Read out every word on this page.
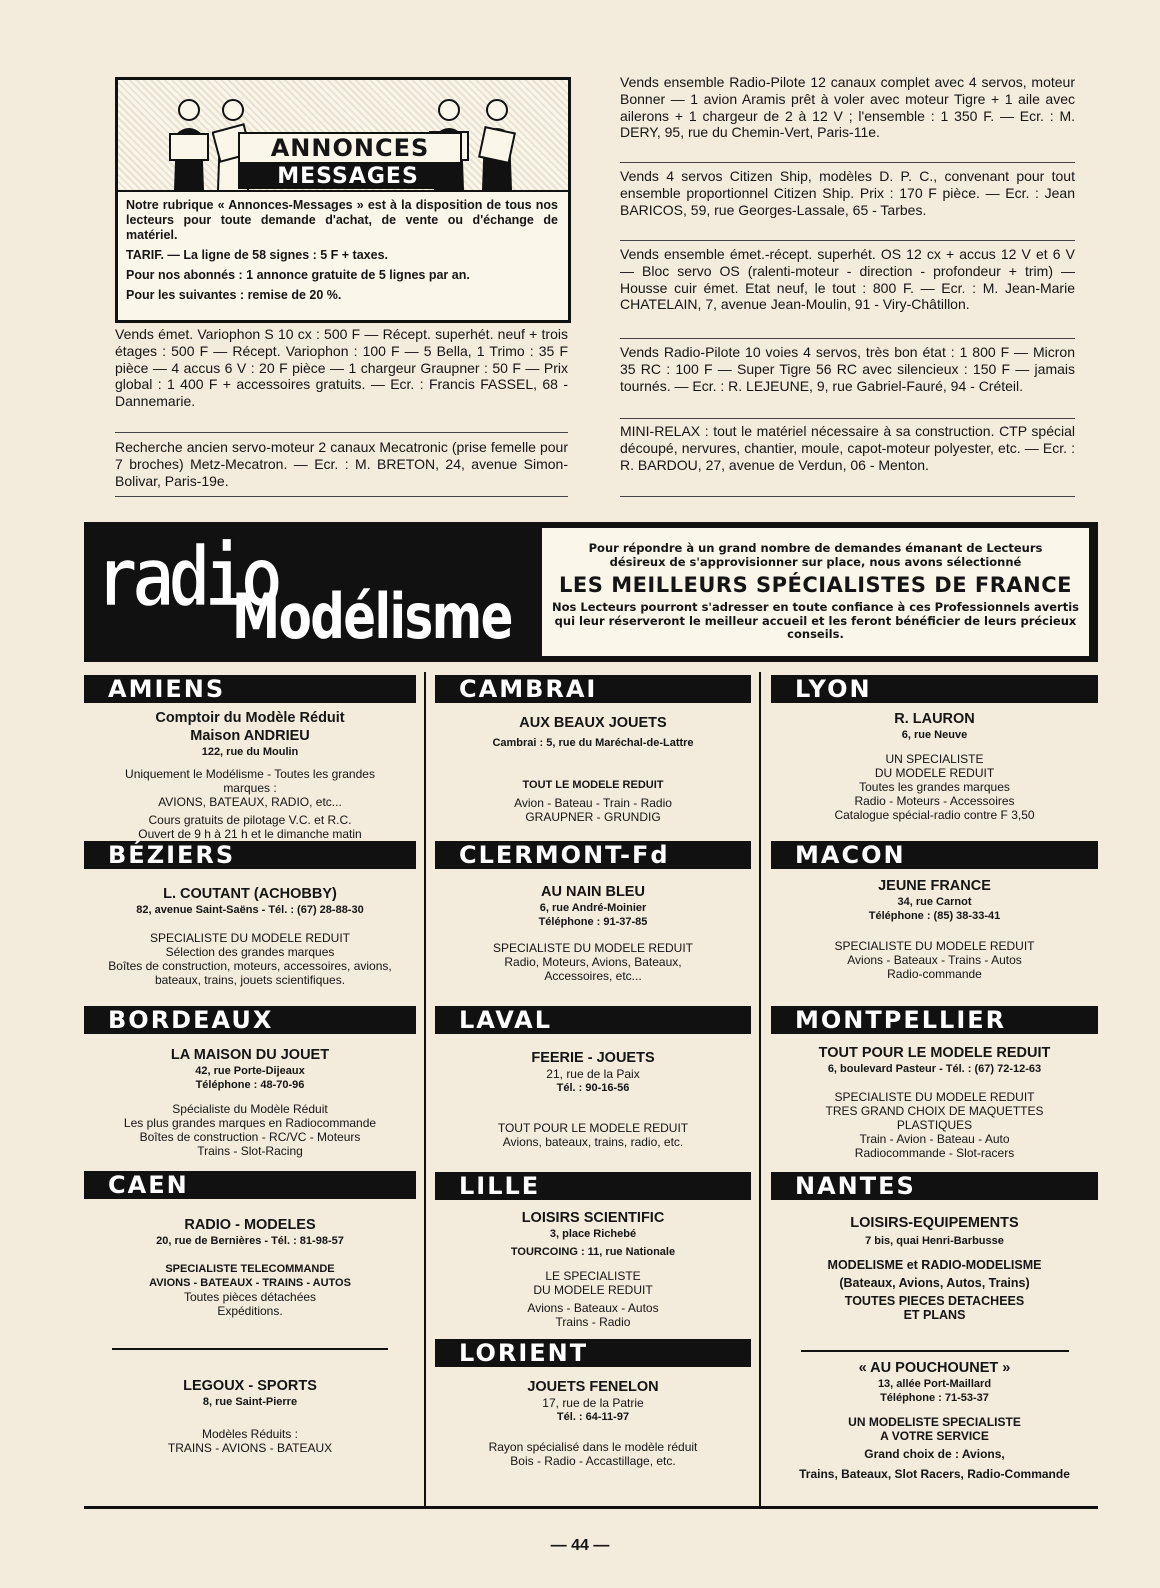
ANNONCES
MESSAGES
Notre rubrique « Annonces-Messages » est à la disposition de tous nos lecteurs pour toute demande d'achat, de vente ou d'échange de matériel.
TARIF. — La ligne de 58 signes : 5 F + taxes.
Pour nos abonnés : 1 annonce gratuite de 5 lignes par an.
Pour les suivantes : remise de 20 %.

Vends émet. Variophon S 10 cx : 500 F — Récept. superhét. neuf + trois étages : 500 F — Récept. Variophon : 100 F — 5 Bella, 1 Trimo : 35 F pièce — 4 accus 6 V : 20 F pièce — 1 chargeur Graupner : 50 F — Prix global : 1 400 F + accessoires gratuits. — Ecr. : Francis FASSEL, 68 - Dannemarie.

Recherche ancien servo-moteur 2 canaux Mecatronic (prise femelle pour 7 broches) Metz-Mecatron. — Ecr. : M. BRETON, 24, avenue Simon-Bolivar, Paris-19e.

Vends ensemble Radio-Pilote 12 canaux complet avec 4 servos, moteur Bonner — 1 avion Aramis prêt à voler avec moteur Tigre + 1 aile avec ailerons + 1 chargeur de 2 à 12 V ; l'ensemble : 1 350 F. — Ecr. : M. DERY, 95, rue du Chemin-Vert, Paris-11e.

Vends 4 servos Citizen Ship, modèles D. P. C., convenant pour tout ensemble proportionnel Citizen Ship. Prix : 170 F pièce. — Ecr. : Jean BARICOS, 59, rue Georges-Lassale, 65 - Tarbes.

Vends ensemble émet.-récept. superhét. OS 12 cx + accus 12 V et 6 V — Bloc servo OS (ralenti-moteur - direction - profondeur + trim) — Housse cuir émet. Etat neuf, le tout : 800 F. — Ecr. : M. Jean-Marie CHATELAIN, 7, avenue Jean-Moulin, 91 - Viry-Châtillon.

Vends Radio-Pilote 10 voies 4 servos, très bon état : 1 800 F — Micron 35 RC : 100 F — Super Tigre 56 RC avec silencieux : 150 F — jamais tournés. — Ecr. : R. LEJEUNE, 9, rue Gabriel-Fauré, 94 - Créteil.

MINI-RELAX : tout le matériel nécessaire à sa construction. CTP spécial découpé, nervures, chantier, moule, capot-moteur polyester, etc. — Ecr. : R. BARDOU, 27, avenue de Verdun, 06 - Menton.

radio
Modélisme
Pour répondre à un grand nombre de demandes émanant de Lecteurs désireux de s'approvisionner sur place, nous avons sélectionné
LES MEILLEURS SPÉCIALISTES DE FRANCE
Nos Lecteurs pourront s'adresser en toute confiance à ces Professionnels avertis qui leur réserveront le meilleur accueil et les feront bénéficier de leurs précieux conseils.
AMIENS
Comptoir du Modèle Réduit
Maison ANDRIEU
122, rue du Moulin
Uniquement le Modélisme - Toutes les grandes marques :
AVIONS, BATEAUX, RADIO, etc...
Cours gratuits de pilotage V.C. et R.C.
Ouvert de 9 h à 21 h et le dimanche matin
BÉZIERS
L. COUTANT (ACHOBBY)
82, avenue Saint-Saëns - Tél. : (67) 28-88-30
SPECIALISTE DU MODELE REDUIT
Sélection des grandes marques
Boîtes de construction, moteurs, accessoires, avions, bateaux, trains, jouets scientifiques.
BORDEAUX
LA MAISON DU JOUET
42, rue Porte-Dijeaux
Téléphone : 48-70-96
Spécialiste du Modèle Réduit
Les plus grandes marques en Radiocommande
Boîtes de construction - RC/VC - Moteurs
Trains - Slot-Racing
CAEN
RADIO - MODELES
20, rue de Bernières - Tél. : 81-98-57
SPECIALISTE TELECOMMANDE
AVIONS - BATEAUX - TRAINS - AUTOS
Toutes pièces détachées
Expéditions.
LEGOUX - SPORTS
8, rue Saint-Pierre
Modèles Réduits :
TRAINS - AVIONS - BATEAUX
CAMBRAI
AUX BEAUX JOUETS
Cambrai : 5, rue du Maréchal-de-Lattre
TOUT LE MODELE REDUIT
Avion - Bateau - Train - Radio
GRAUPNER - GRUNDIG
CLERMONT-Fd
AU NAIN BLEU
6, rue André-Moinier
Téléphone : 91-37-85
SPECIALISTE DU MODELE REDUIT
Radio, Moteurs, Avions, Bateaux, Accessoires, etc...
LAVAL
FEERIE - JOUETS
21, rue de la Paix
Tél. : 90-16-56
TOUT POUR LE MODELE REDUIT
Avions, bateaux, trains, radio, etc.
LILLE
LOISIRS SCIENTIFIC
3, place Richebé
TOURCOING : 11, rue Nationale
LE SPECIALISTE
DU MODELE REDUIT
Avions - Bateaux - Autos
Trains - Radio
LORIENT
JOUETS FENELON
17, rue de la Patrie
Tél. : 64-11-97
Rayon spécialisé dans le modèle réduit
Bois - Radio - Accastillage, etc.
LYON
R. LAURON
6, rue Neuve
UN SPECIALISTE
DU MODELE REDUIT
Toutes les grandes marques
Radio - Moteurs - Accessoires
Catalogue spécial-radio contre F 3,50
MACON
JEUNE FRANCE
34, rue Carnot
Téléphone : (85) 38-33-41
SPECIALISTE DU MODELE REDUIT
Avions - Bateaux - Trains - Autos
Radio-commande
MONTPELLIER
TOUT POUR LE MODELE REDUIT
6, boulevard Pasteur - Tél. : (67) 72-12-63
SPECIALISTE DU MODELE REDUIT
TRES GRAND CHOIX DE MAQUETTES
PLASTIQUES
Train - Avion - Bateau - Auto
Radiocommande - Slot-racers
NANTES
LOISIRS-EQUIPEMENTS
7 bis, quai Henri-Barbusse
MODELISME et RADIO-MODELISME
(Bateaux, Avions, Autos, Trains)
TOUTES PIECES DETACHEES
ET PLANS
« AU POUCHOUNET »
13, allée Port-Maillard
Téléphone : 71-53-37
UN MODELISTE SPECIALISTE
A VOTRE SERVICE
Grand choix de : Avions,
Trains, Bateaux, Slot Racers, Radio-Commande
— 44 —
